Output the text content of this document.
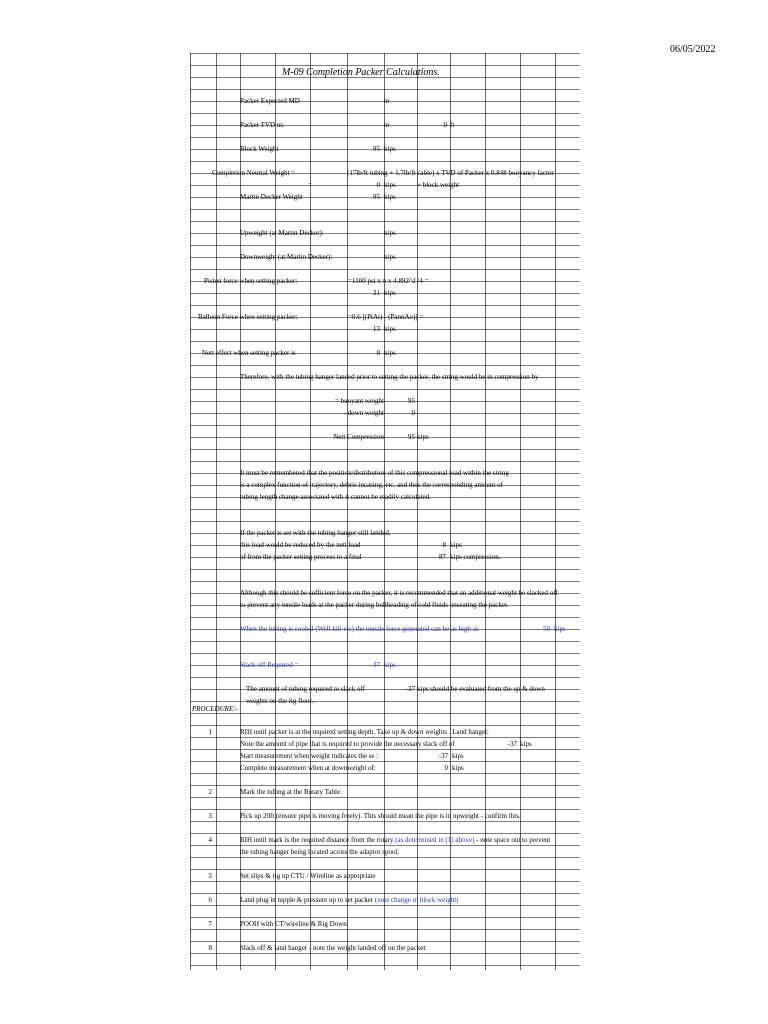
06/05/2022
M-09 Completion Packer Calculations.
Packer Expected MD	m
Packer TVD m:	m	0 ft
Block Weight	95 kips
Completion Neutral Weight =	(17lb/ft tubing + 1.7lb/ft cable) x TVD of Packer x 0.848 bouyancy factor
=	0 kips	+ block weight
Martin Decker Weight	95 kips
Upweight (at Martin Decker):	kips
Downweight (at Martin Decker):	kips
Piston force when setting packer:	=1100 psi x π x 4.892^2 /4 =
21 kips
Balloon Force when setting packer:	=0.6 [(PtAi) - (PannAo)] =
13 kips
Nett effect when setting packer is	8 kips
Therefore, with the tubing hanger landed prior to setting the packer, the string would be in compression by
= buoyant weight	95
- down weight	0
Nett Compression	95 kips
It must be remembered that the position/distribution of this compressional load within the string
is a complex function of trajectory, debris incasing, etc. and thus the corresponding amount of
tubing length change associated with it cannot be readily calculated.
If the packer is set with the tubing hanger still landed,
this load would be reduced by the nett load	8 kips
of from the packer setting process to a final	87 kips compression.
Although this should be sufficient force on the packer, it is recommended that an additional weight be slacked off
to prevent any tensile loads at the packer during bullheading of cold fluids unseating the packer.
When the tubing is cooled (Well kill etc) the tensile force generated can be as high as	50 kips
Slack off Required =	-37 kips
The amount of tubing required to slack off	-37 kips should be evaluated from the up & down
weights on the rig floor.
PROCEDURE:-
1	RIH until packer is at the required setting depth. Take up & down weights . Land hanger.
Note the amount of pipe that is required to provide the necessary slack off of	-37 kips
Start measurement when weight indicates the se :	-37 kips
Complete measurement when at downweight of:	0 kips
2	Mark the tubing at the Rotary Table.
3	Pick up 20ft (ensure pipe is moving freely). This should mean the pipe is in upweight - confirm this.
4	RIH until mark is the required distance from the rotary (as determined in (1) above) - note space out to prevent
the tubing hanger being located across the adaptor spool.
5	Set slips & rig up CTU / Wireline as appropriate
6	Land plug in nipple & pressure up to set packer (note change in block weight)
7	POOH with CT/wireline & Rig Down.
8	Slack off & land hanger - note the weight landed off on the packer.
